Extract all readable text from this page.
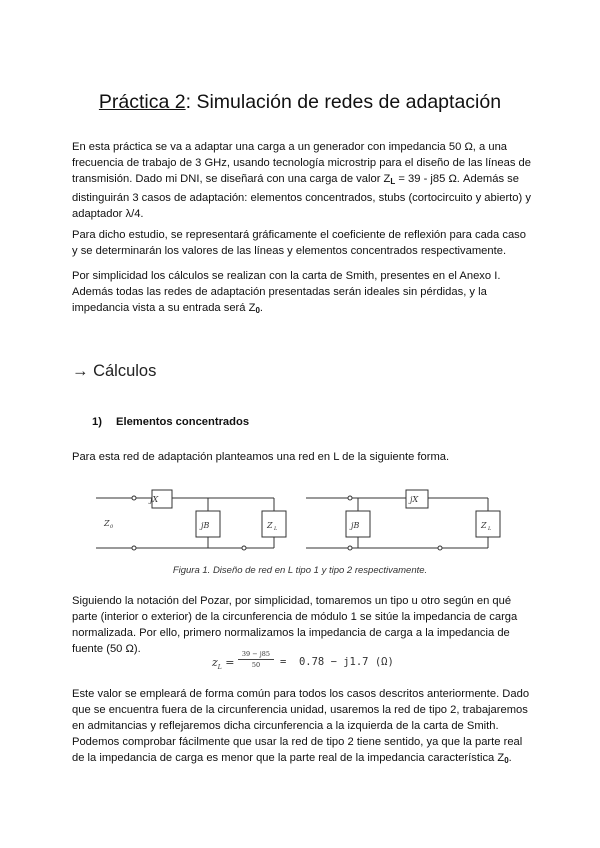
Práctica 2: Simulación de redes de adaptación

En esta práctica se va a adaptar una carga a un generador con impedancia 50 Ω, a una frecuencia de trabajo de 3 GHz, usando tecnología microstrip para el diseño de las líneas de transmisión. Dado mi DNI, se diseñará con una carga de valor $Z_L = 39 - j85$ Ω. Además se distinguirán 3 casos de adaptación: elementos concentrados, stubs (cortocircuito y abierto) y adaptador λ/4.

Para dicho estudio, se representará gráficamente el coeficiente de reflexión para cada caso y se determinarán los valores de las líneas y elementos concentrados respectivamente.

Por simplicidad los cálculos se realizan con la carta de Smith, presentes en el Anexo I. Además todas las redes de adaptación presentadas serán ideales sin pérdidas, y la impedancia vista a su entrada será $Z_0$.

→ Cálculos
1) Elementos concentrados

Para esta red de adaptación planteamos una red en L de la siguiente forma.

jX
jB	Z L
Z 0
jX
jB	Z L

Figura 1. Diseño de red en L tipo 1 y tipo 2 respectivamente.

Siguiendo la notación del Pozar, por simplicidad, tomaremos un tipo u otro según en qué parte (interior o exterior) de la circunferencia de módulo 1 se sitúe la impedancia de carga normalizada. Por ello, primero normalizamos la impedancia de carga a la impedancia de fuente (50 Ω).

$z_L = \frac{39 - j85}{50} = 0.78 - j1.7$ (Ω)

Este valor se empleará de forma común para todos los casos descritos anteriormente. Dado que se encuentra fuera de la circunferencia unidad, usaremos la red de tipo 2, trabajaremos en admitancias y reflejaremos dicha circunferencia a la izquierda de la carta de Smith. Podemos comprobar fácilmente que usar la red de tipo 2 tiene sentido, ya que la parte real de la impedancia de carga es menor que la parte real de la impedancia característica $Z_0$.
